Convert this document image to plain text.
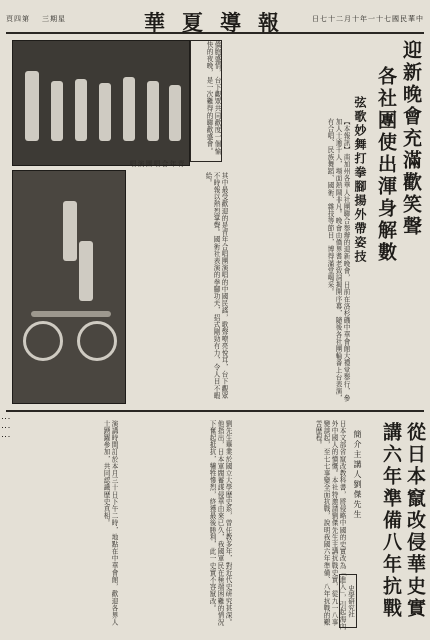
頁四第 三期星	華夏導報 日七十二月十年一十七國民華中
迎新晚會充滿歡笑聲
各社團使出渾身解數
弦歌妙舞打拳腳揚外帶姿技
【本報訊】南加州各華人社團聯合舉辦的迎新晚會，日前在洛杉磯中華會館大禮堂舉行，參加人士逾千人，場面熱鬧非凡。晚會由僑界耆老致詞揭開序幕，隨後各社團輪番上台表演，有合唱、民族舞蹈、國術、雜技等節目，博得滿堂喝采。
僑胞盛情，台下觀眾共同歡度一個愉快的夜晚，是一次難得的聯歡盛會。
其中最受歡迎的是青年合唱團演唱的中國民謠，歌聲嘹亮悅耳，台下觀眾不時報以熱烈掌聲。國術社表演的拳腳功夫，招式剛勁有力，令人目不暇給。
青年合唱團演唱
⋮⋮⋮	從日本竄改侵華史實
講六年準備八年抗戰
簡介主講人劉傑先生
日本文部省竄改教科書，將侵略中國的史實改為「進入」，引起海內外中國人的憤慨。本社特邀請劉傑先生主講抗戰史實，從九一八事變談起，至七七事變全面抗戰，說明我國六年準備、八年抗戰的艱苦歷程。
劉先生畢業於國立大學歷史系，曾任教多年，對近代史研究甚深。他指出，日本軍閥蓄謀侵華由來已久，我國軍民在極端困難的情況下奮起抵抗，犧牲慘烈，終獲最後勝利，此一史實不容竄改。
演講時間訂於本月三十日下午二時，地點在中華會館，歡迎各界人士踴躍參加，共同認識歷史真相。
史學研究社
